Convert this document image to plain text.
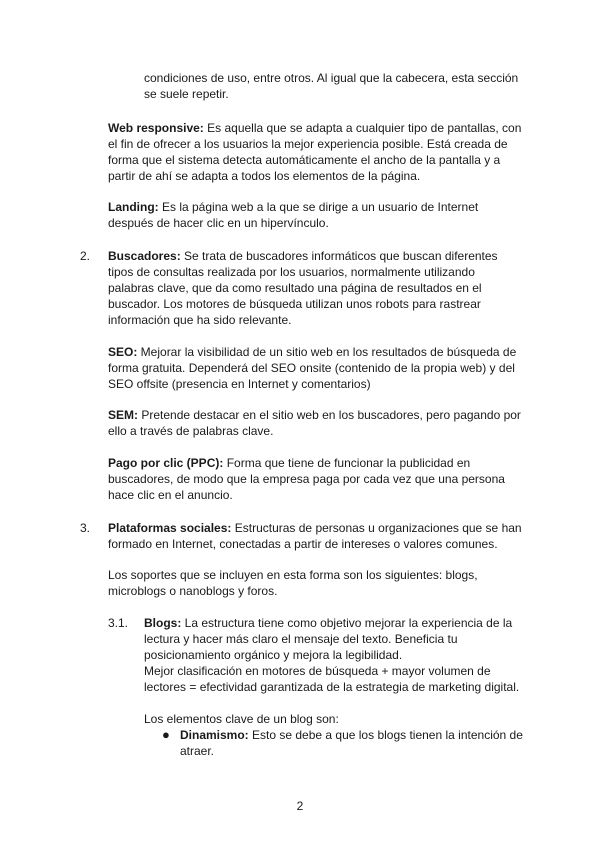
condiciones de uso, entre otros. Al igual que la cabecera, esta sección
se suele repetir.

Web responsive: Es aquella que se adapta a cualquier tipo de pantallas, con
el fin de ofrecer a los usuarios la mejor experiencia posible. Está creada de
forma que el sistema detecta automáticamente el ancho de la pantalla y a
partir de ahí se adapta a todos los elementos de la página.

Landing: Es la página web a la que se dirige a un usuario de Internet
después de hacer clic en un hipervínculo.

2. Buscadores: Se trata de buscadores informáticos que buscan diferentes
tipos de consultas realizada por los usuarios, normalmente utilizando
palabras clave, que da como resultado una página de resultados en el
buscador. Los motores de búsqueda utilizan unos robots para rastrear
información que ha sido relevante.

SEO: Mejorar la visibilidad de un sitio web en los resultados de búsqueda de
forma gratuita. Dependerá del SEO onsite (contenido de la propia web) y del
SEO offsite (presencia en Internet y comentarios)

SEM: Pretende destacar en el sitio web en los buscadores, pero pagando por
ello a través de palabras clave.

Pago por clic (PPC): Forma que tiene de funcionar la publicidad en
buscadores, de modo que la empresa paga por cada vez que una persona
hace clic en el anuncio.

3. Plataformas sociales: Estructuras de personas u organizaciones que se han
formado en Internet, conectadas a partir de intereses o valores comunes.

Los soportes que se incluyen en esta forma son los siguientes: blogs,
microblogs o nanoblogs y foros.

3.1. Blogs: La estructura tiene como objetivo mejorar la experiencia de la
lectura y hacer más claro el mensaje del texto. Beneficia tu
posicionamiento orgánico y mejora la legibilidad.
Mejor clasificación en motores de búsqueda + mayor volumen de
lectores = efectividad garantizada de la estrategia de marketing digital.

Los elementos clave de un blog son:

● Dinamismo: Esto se debe a que los blogs tienen la intención de
atraer.

2
